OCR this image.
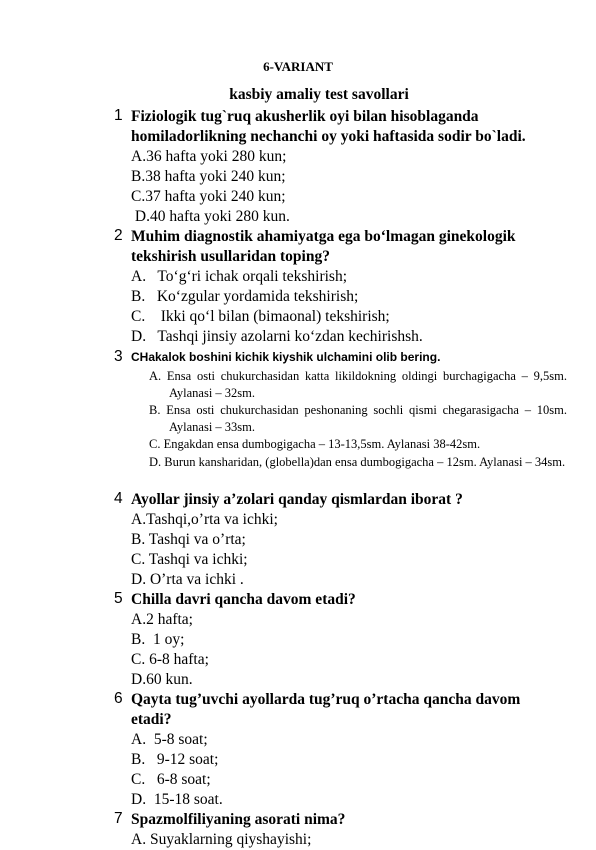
6-VARIANT
kasbiy amaliy test savollari
1 Fiziologik tug`ruq akusherlik oyi bilan hisoblaganda homiladorlikning nechanchi oy yoki haftasida sodir bo`ladi.
A.36 hafta yoki 280 kun;
B.38 hafta yoki 240 kun;
C.37 hafta yoki 240 kun;
D.40 hafta yoki 280 kun.
2 Muhim diagnostik ahamiyatga ega bo‘lmagan ginekologik tekshirish usullaridan toping?
A.   To‘g‘ri ichak orqali tekshirish;
B.   Ko‘zgular yordamida tekshirish;
C.    Ikki qo‘l bilan (bimaonal) tekshirish;
D.   Tashqi jinsiy azolarni ko‘zdan kechirishsh.
3 CHakalok boshini kichik kiyshik ulchamini olib bering.
A. Ensa osti chukurchasidan katta likildokning oldingi burchagigacha – 9,5sm. Aylanasi – 32sm.
B. Ensa osti chukurchasidan peshonaning sochli qismi chegarasigacha – 10sm. Aylanasi – 33sm.
C. Engakdan ensa dumbogigacha – 13-13,5sm. Aylanasi 38-42sm.
D. Burun kansharidan, (globella)dan ensa dumbogigacha – 12sm. Aylanasi – 34sm.
4 Ayollar jinsiy a’zolari qanday qismlardan iborat ?
A.Tashqi,o’rta va ichki;
B. Tashqi va o’rta;
C. Tashqi va ichki;
D. O’rta va ichki .
5 Chilla davri qancha davom etadi?
A.2 hafta;
B.  1 oy;
C. 6-8 hafta;
D.60 kun.
6 Qayta tug’uvchi ayollarda tug’ruq o’rtacha qancha davom etadi?
A.  5-8 soat;
B.   9-12 soat;
C.   6-8 soat;
D.  15-18 soat.
7 Spazmolfiliyaning asorati nima?
A. Suyaklarning qiyshayishi;
